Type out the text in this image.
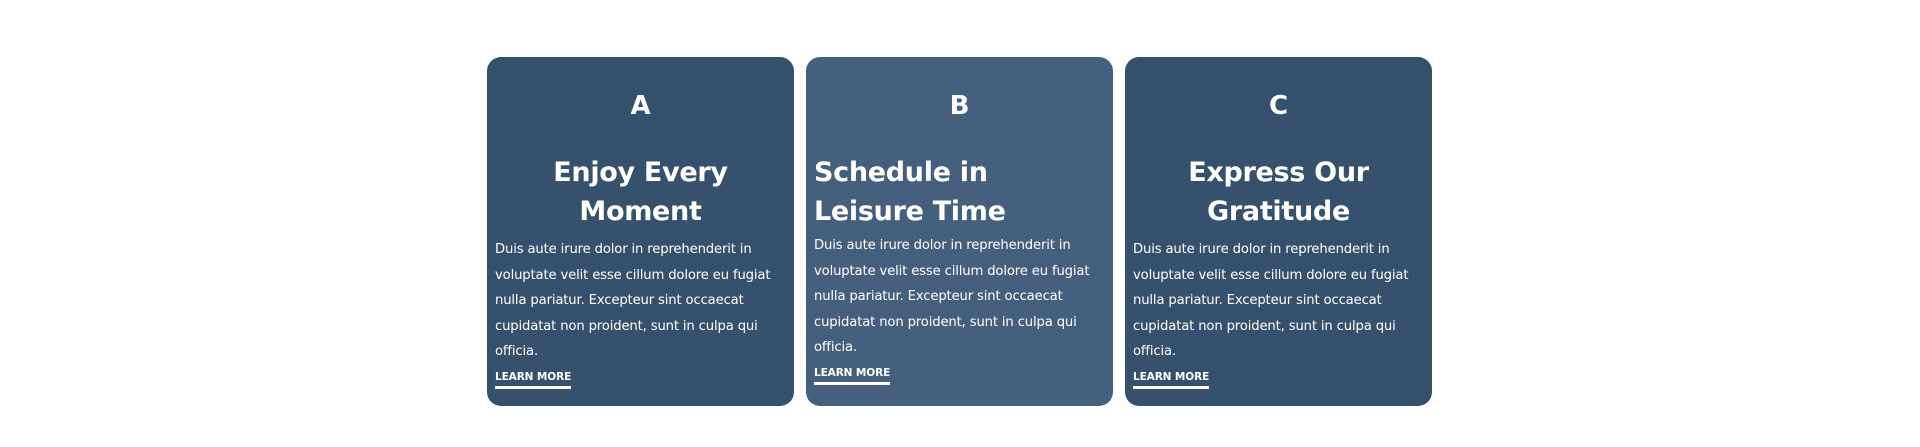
A
Enjoy Every Moment

Duis aute irure dolor in reprehenderit in voluptate velit esse cillum dolore eu fugiat nulla pariatur. Excepteur sint occaecat cupidatat non proident, sunt in culpa qui officia.

LEARN MORE
B
Schedule in Leisure Time

Duis aute irure dolor in reprehenderit in voluptate velit esse cillum dolore eu fugiat nulla pariatur. Excepteur sint occaecat cupidatat non proident, sunt in culpa qui officia.

LEARN MORE
C
Express Our Gratitude

Duis aute irure dolor in reprehenderit in voluptate velit esse cillum dolore eu fugiat nulla pariatur. Excepteur sint occaecat cupidatat non proident, sunt in culpa qui officia.

LEARN MORE
